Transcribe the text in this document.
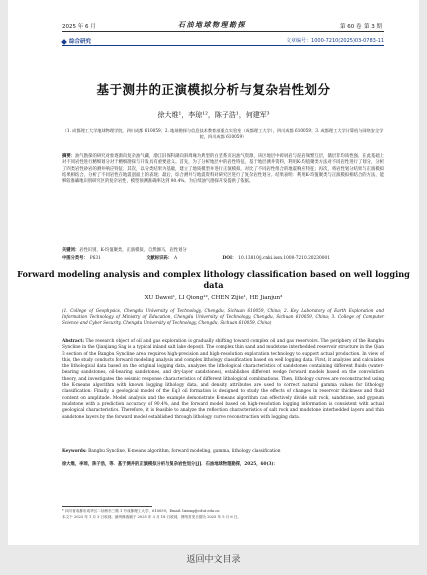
2025 年 6 月	石油地球物理勘探	第 60 卷 第 3 期
综合研究	文章编号：1000-7210(2025)03-0783-11
基于测井的正演模拟分析与复杂岩性划分
徐大维¹，李琼¹²，陈子浩¹，何建军³
（1. 成都理工大学地球物理学院，四川成都 610059；2. 地球勘探与信息技术教育部重点实验室（成都理工大学），四川成都 610059；3. 成都理工大学计算机与网络安全学院，四川成都 610059）
摘要：油气勘探的研究对象逐渐向复杂油气藏，渤江旧保科湖向斜周缘为典型的白垩系页岩油气资源，该区地层中碎屑岩与泥岩频繁互层，储层非均质性强，在此基础上对不同岩性进行精细划分对于精细勘探与开发具有重要意义。首先，为了分析地层中的岩性特征，基于地层测井资料，利用K-均值聚类方法对不同岩性进行了划分，分析了四类岩性砂岩的测井响应特征；其次，以分类结果为基础，建立了地质模型并进行正演模拟，对比了不同岩性组合的地震响应特征；再次，将岩性划分结果与正演模拟结果相结合，分析了不同岩性在地震剖面上的表现；最后，综合测井与地震资料对研究区进行了复杂岩性划分。结果表明：利用K-均值聚类与正演模拟相结合的方法，能够较准确地识别研究区的复杂岩性，模型预测准确率达到 90.4%，为后续油气勘探开发提供了依据。
关键词：岩性识别，K-均值聚类，正演模拟，自然伽马，岩性划分
中图分类号： P631	文献标识码： A	DOI： 10.13810/j.cnki.issn.1000-7210.20230001
Forward modeling analysis and complex lithology classification based on well logging data
XU Dawei¹, LI Qiong¹², CHEN Zijie¹, HE Jianjun³
(1. College of Geophysics, Chengdu University of Technology, Chengdu, Sichuan 610059, China; 2. Key Laboratory of Earth Exploration and Information Technology of Ministry of Education, Chengdu University of Technology, Chengdu, Sichuan 610059, China; 3. College of Computer Science and Cyber Security, Chengdu University of Technology, Chengdu, Sichuan 610059, China)
Abstract: The research object of oil and gas exploration is gradually shifting toward complex oil and gas reservoirs. The periphery of the Bangbu Syncline in the Qianjiang Sag is a typical inland salt lake deposit. The complex thin sand and mudstone interbedded reservoir structure in the Qian 3 section of the Bangbu Syncline area requires high-precision and high-resolution exploration technology to support actual production. In view of this, the study conducts forward modeling analysis and complex lithology classification based on well logging data. First, it analyzes and calculates the lithological data based on the original logging data, analyzes the lithological characteristics of sandstones containing different fluids (water-bearing sandstones, oil-bearing sandstones, and dry-layer sandstones), establishes different wedge forward models based on the convolution theory, and investigates the seismic response characteristics of different lithological combinations. Then, lithology curves are reconstructed using the K-means algorithm with known logging lithology data, and density attributes are used to correct natural gamma values for lithology classification. Finally, a geological model of the Eq3 oil formation is designed to study the effects of changes in reservoir thickness and fluid content on amplitude. Model analysis and the example demonstrate K-means algorithm can effectively divide salt rock, sandstone, and gypsum mudstone with a prediction accuracy of 90.4%, and the forward model based on high-resolution logging information is consistent with actual geological characteristics. Therefore, it is feasible to analyze the reflection characteristics of salt rock and mudstone interbedded layers and thin sandstone layers by the forward model established through lithology curve reconstruction with logging data.
Keywords: Bangbu Syncline, K-means algorithm, forward modeling, gamma, lithology classification
徐大维，李琼，陈子浩，等．基于测井的正演模拟分析与复杂岩性划分[J]．石油地球物理勘探，2025，60(3)：
* 四川省成都市成华区二仙桥东三路 1 号成都理工大学，610059。Email: lixiong@cdut.edu.cn
本文于 2023 年 1 月 3 日收到，最终修改稿于 2025 年 3 月 18 日收到，网络首发日期为 2025 年 5 月 6 日。
返回中文目录
